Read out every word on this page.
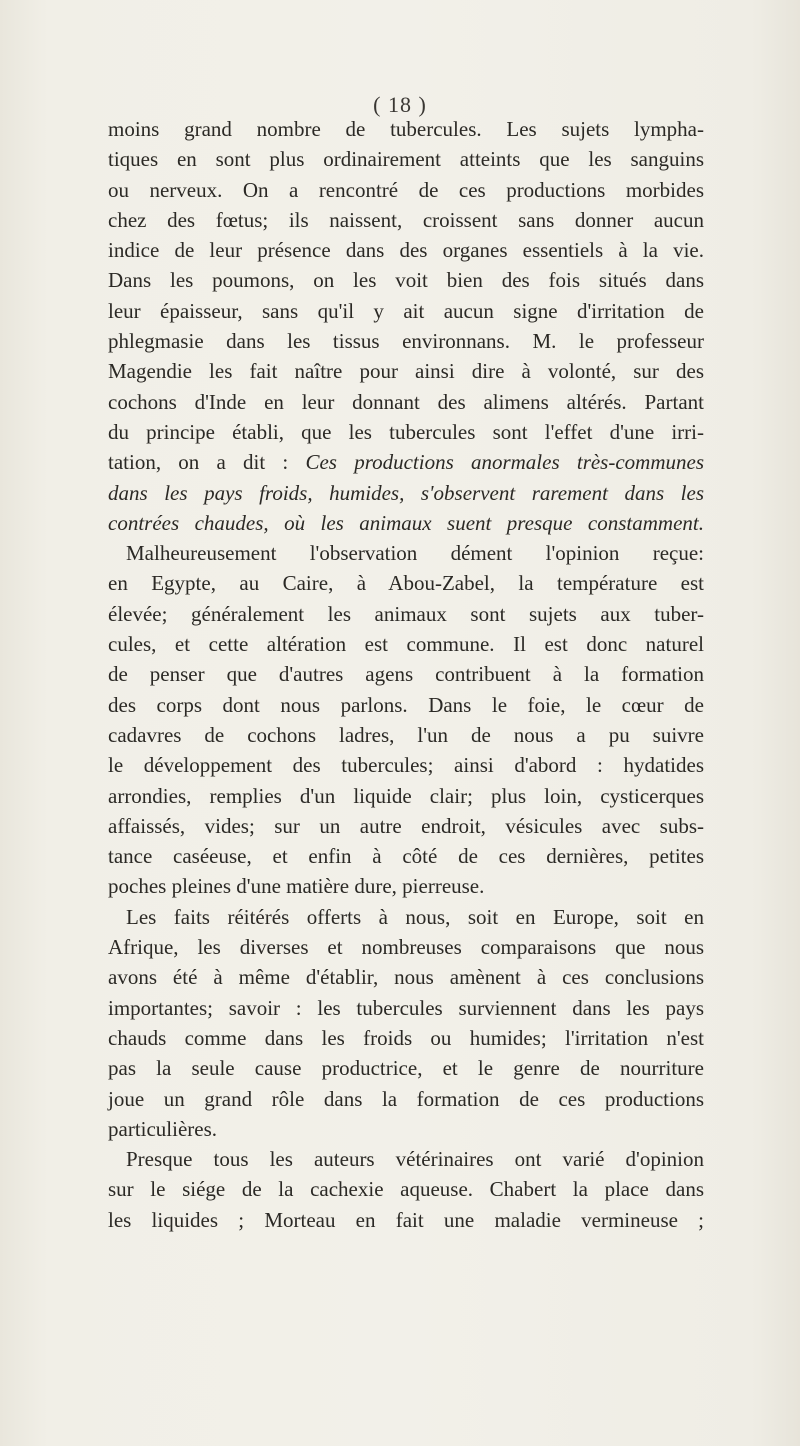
( 18 )
moins grand nombre de tubercules. Les sujets lympha-
tiques en sont plus ordinairement atteints que les sanguins
ou nerveux. On a rencontré de ces productions morbides
chez des fœtus; ils naissent, croissent sans donner aucun
indice de leur présence dans des organes essentiels à la vie.
Dans les poumons, on les voit bien des fois situés dans
leur épaisseur, sans qu'il y ait aucun signe d'irritation de
phlegmasie dans les tissus environnans. M. le professeur
Magendie les fait naître pour ainsi dire à volonté, sur des
cochons d'Inde en leur donnant des alimens altérés. Partant
du principe établi, que les tubercules sont l'effet d'une irri-
tation, on a dit : Ces productions anormales très-communes
dans les pays froids, humides, s'observent rarement dans les
contrées chaudes, où les animaux suent presque constamment.
Malheureusement l'observation dément l'opinion reçue:
en Egypte, au Caire, à Abou-Zabel, la température est
élevée; généralement les animaux sont sujets aux tuber-
cules, et cette altération est commune. Il est donc naturel
de penser que d'autres agens contribuent à la formation
des corps dont nous parlons. Dans le foie, le cœur de
cadavres de cochons ladres, l'un de nous a pu suivre
le développement des tubercules; ainsi d'abord : hydatides
arrondies, remplies d'un liquide clair; plus loin, cysticerques
affaissés, vides; sur un autre endroit, vésicules avec subs-
tance caséeuse, et enfin à côté de ces dernières, petites
poches pleines d'une matière dure, pierreuse.
Les faits réitérés offerts à nous, soit en Europe, soit en
Afrique, les diverses et nombreuses comparaisons que nous
avons été à même d'établir, nous amènent à ces conclusions
importantes; savoir : les tubercules surviennent dans les pays
chauds comme dans les froids ou humides; l'irritation n'est
pas la seule cause productrice, et le genre de nourriture
joue un grand rôle dans la formation de ces productions
particulières.
Presque tous les auteurs vétérinaires ont varié d'opinion
sur le siége de la cachexie aqueuse. Chabert la place dans
les liquides ; Morteau en fait une maladie vermineuse ;
